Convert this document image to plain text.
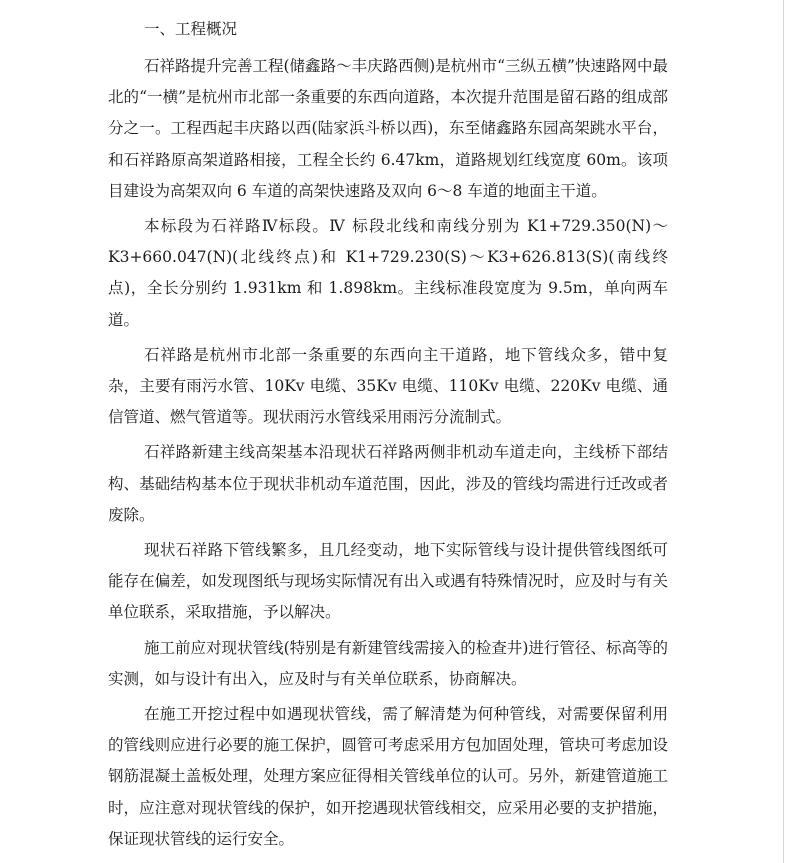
一、工程概况

石祥路提升完善工程(储鑫路～丰庆路西侧)是杭州市“三纵五横”快速路网中最北的“一横”是杭州市北部一条重要的东西向道路，本次提升范围是留石路的组成部分之一。工程西起丰庆路以西(陆家浜斗桥以西)，东至储鑫路东园高架跳水平台，和石祥路原高架道路相接，工程全长约 6.47km，道路规划红线宽度 60m。该项目建设为高架双向 6 车道的高架快速路及双向 6～8 车道的地面主干道。

本标段为石祥路Ⅳ标段。Ⅳ 标段北线和南线分别为 K1+729.350(N)～K3+660.047(N)(北线终点)和 K1+729.230(S)～K3+626.813(S)(南线终点)，全长分别约 1.931km 和 1.898km。主线标准段宽度为 9.5m，单向两车道。

石祥路是杭州市北部一条重要的东西向主干道路，地下管线众多，错中复杂，主要有雨污水管、10Kv 电缆、35Kv 电缆、110Kv 电缆、220Kv 电缆、通信管道、燃气管道等。现状雨污水管线采用雨污分流制式。

石祥路新建主线高架基本沿现状石祥路两侧非机动车道走向，主线桥下部结构、基础结构基本位于现状非机动车道范围，因此，涉及的管线均需进行迁改或者废除。

现状石祥路下管线繁多，且几经变动，地下实际管线与设计提供管线图纸可能存在偏差，如发现图纸与现场实际情况有出入或遇有特殊情况时，应及时与有关单位联系，采取措施，予以解决。

施工前应对现状管线(特别是有新建管线需接入的检查井)进行管径、标高等的实测，如与设计有出入，应及时与有关单位联系，协商解决。

在施工开挖过程中如遇现状管线，需了解清楚为何种管线，对需要保留利用的管线则应进行必要的施工保护，圆管可考虑采用方包加固处理，管块可考虑加设钢筋混凝土盖板处理，处理方案应征得相关管线单位的认可。另外，新建管道施工时，应注意对现状管线的保护，如开挖遇现状管线相交，应采用必要的支护措施，保证现状管线的运行安全。
